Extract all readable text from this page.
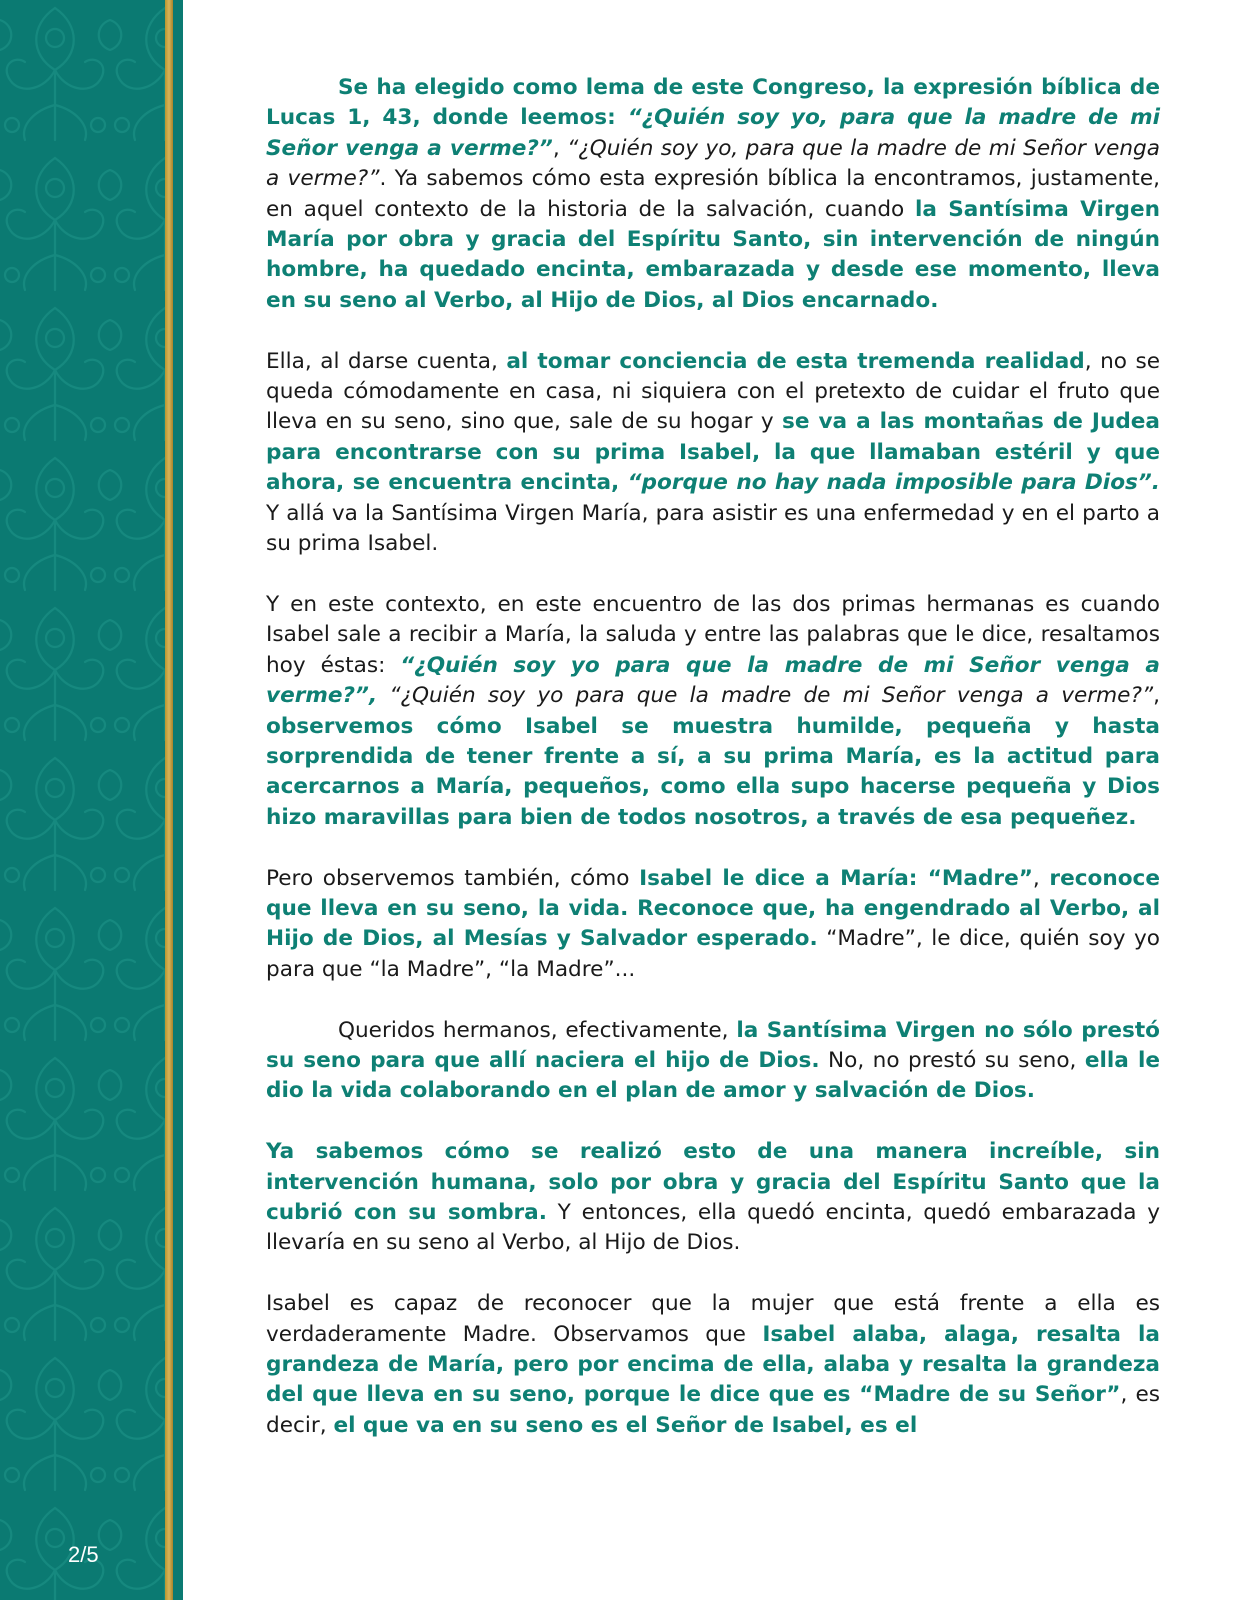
2/5

Se ha elegido como lema de este Congreso, la expresión bíblica de Lucas 1, 43, donde leemos: “¿Quién soy yo, para que la madre de mi Señor venga a verme?”, “¿Quién soy yo, para que la madre de mi Señor venga a verme?”. Ya sabemos cómo esta expresión bíblica la encontramos, justamente, en aquel contexto de la historia de la salvación, cuando la Santísima Virgen María por obra y gracia del Espíritu Santo, sin intervención de ningún hombre, ha quedado encinta, embarazada y desde ese momento, lleva en su seno al Verbo, al Hijo de Dios, al Dios encarnado.

Ella, al darse cuenta, al tomar conciencia de esta tremenda realidad, no se queda cómodamente en casa, ni siquiera con el pretexto de cuidar el fruto que lleva en su seno, sino que, sale de su hogar y se va a las montañas de Judea para encontrarse con su prima Isabel, la que llamaban estéril y que ahora, se encuentra encinta, “porque no hay nada imposible para Dios”. Y allá va la Santísima Virgen María, para asistir es una enfermedad y en el parto a su prima Isabel.

Y en este contexto, en este encuentro de las dos primas hermanas es cuando Isabel sale a recibir a María, la saluda y entre las palabras que le dice, resaltamos hoy éstas: “¿Quién soy yo para que la madre de mi Señor venga a verme?”, “¿Quién soy yo para que la madre de mi Señor venga a verme?”, observemos cómo Isabel se muestra humilde, pequeña y hasta sorprendida de tener frente a sí, a su prima María, es la actitud para acercarnos a María, pequeños, como ella supo hacerse pequeña y Dios hizo maravillas para bien de todos nosotros, a través de esa pequeñez.

Pero observemos también, cómo Isabel le dice a María: “Madre”, reconoce que lleva en su seno, la vida. Reconoce que, ha engendrado al Verbo, al Hijo de Dios, al Mesías y Salvador esperado. “Madre”, le dice, quién soy yo para que “la Madre”, “la Madre”...

Queridos hermanos, efectivamente, la Santísima Virgen no sólo prestó su seno para que allí naciera el hijo de Dios. No, no prestó su seno, ella le dio la vida colaborando en el plan de amor y salvación de Dios.

Ya sabemos cómo se realizó esto de una manera increíble, sin intervención humana, solo por obra y gracia del Espíritu Santo que la cubrió con su sombra. Y entonces, ella quedó encinta, quedó embarazada y llevaría en su seno al Verbo, al Hijo de Dios.

Isabel es capaz de reconocer que la mujer que está frente a ella es verdaderamente Madre. Observamos que Isabel alaba, alaga, resalta la grandeza de María, pero por encima de ella, alaba y resalta la grandeza del que lleva en su seno, porque le dice que es “Madre de su Señor”, es decir, el que va en su seno es el Señor de Isabel, es el
